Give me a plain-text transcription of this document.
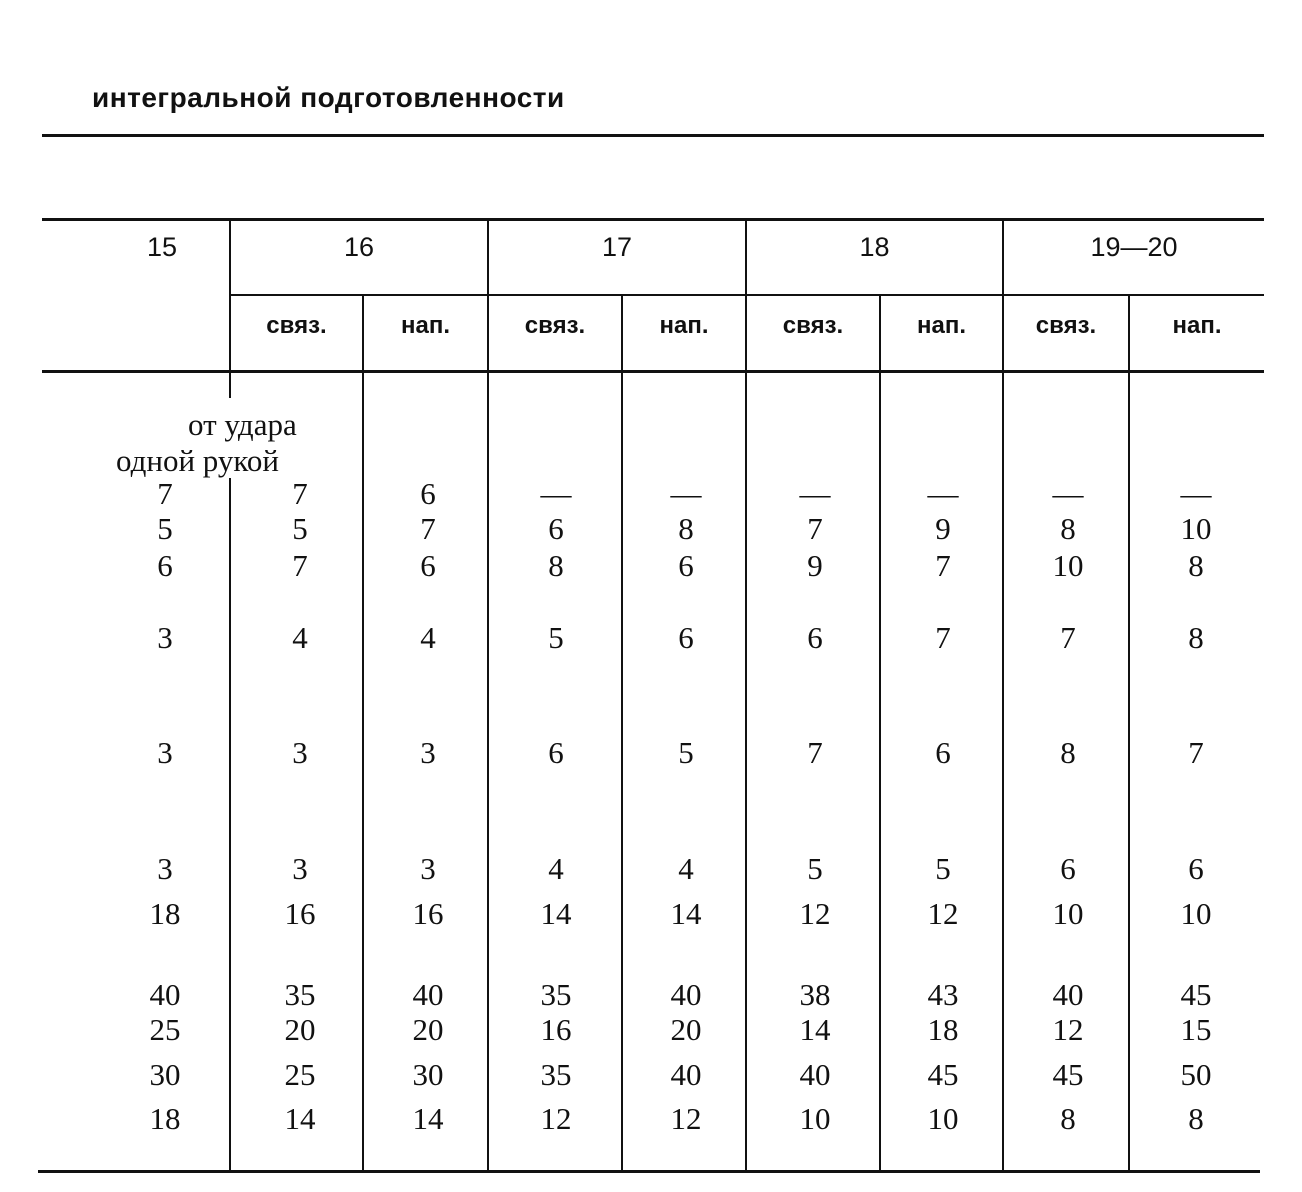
интегральной подготовленности
15	16	17	18	19—20
связ.	нап.	связ.	нап.	связ.	нап.	связ.	нап.
от удара
одной рукой
7	7	6	—	—	—	—	—	—
5	5	7	6	8	7	9	8	10
6	7	6	8	6	9	7	10	8
3	4	4	5	6	6	7	7	8
3	3	3	6	5	7	6	8	7
3	3	3	4	4	5	5	6	6
18	16	16	14	14	12	12	10	10
40	35	40	35	40	38	43	40	45
25	20	20	16	20	14	18	12	15
30	25	30	35	40	40	45	45	50
18	14	14	12	12	10	10	8	8
